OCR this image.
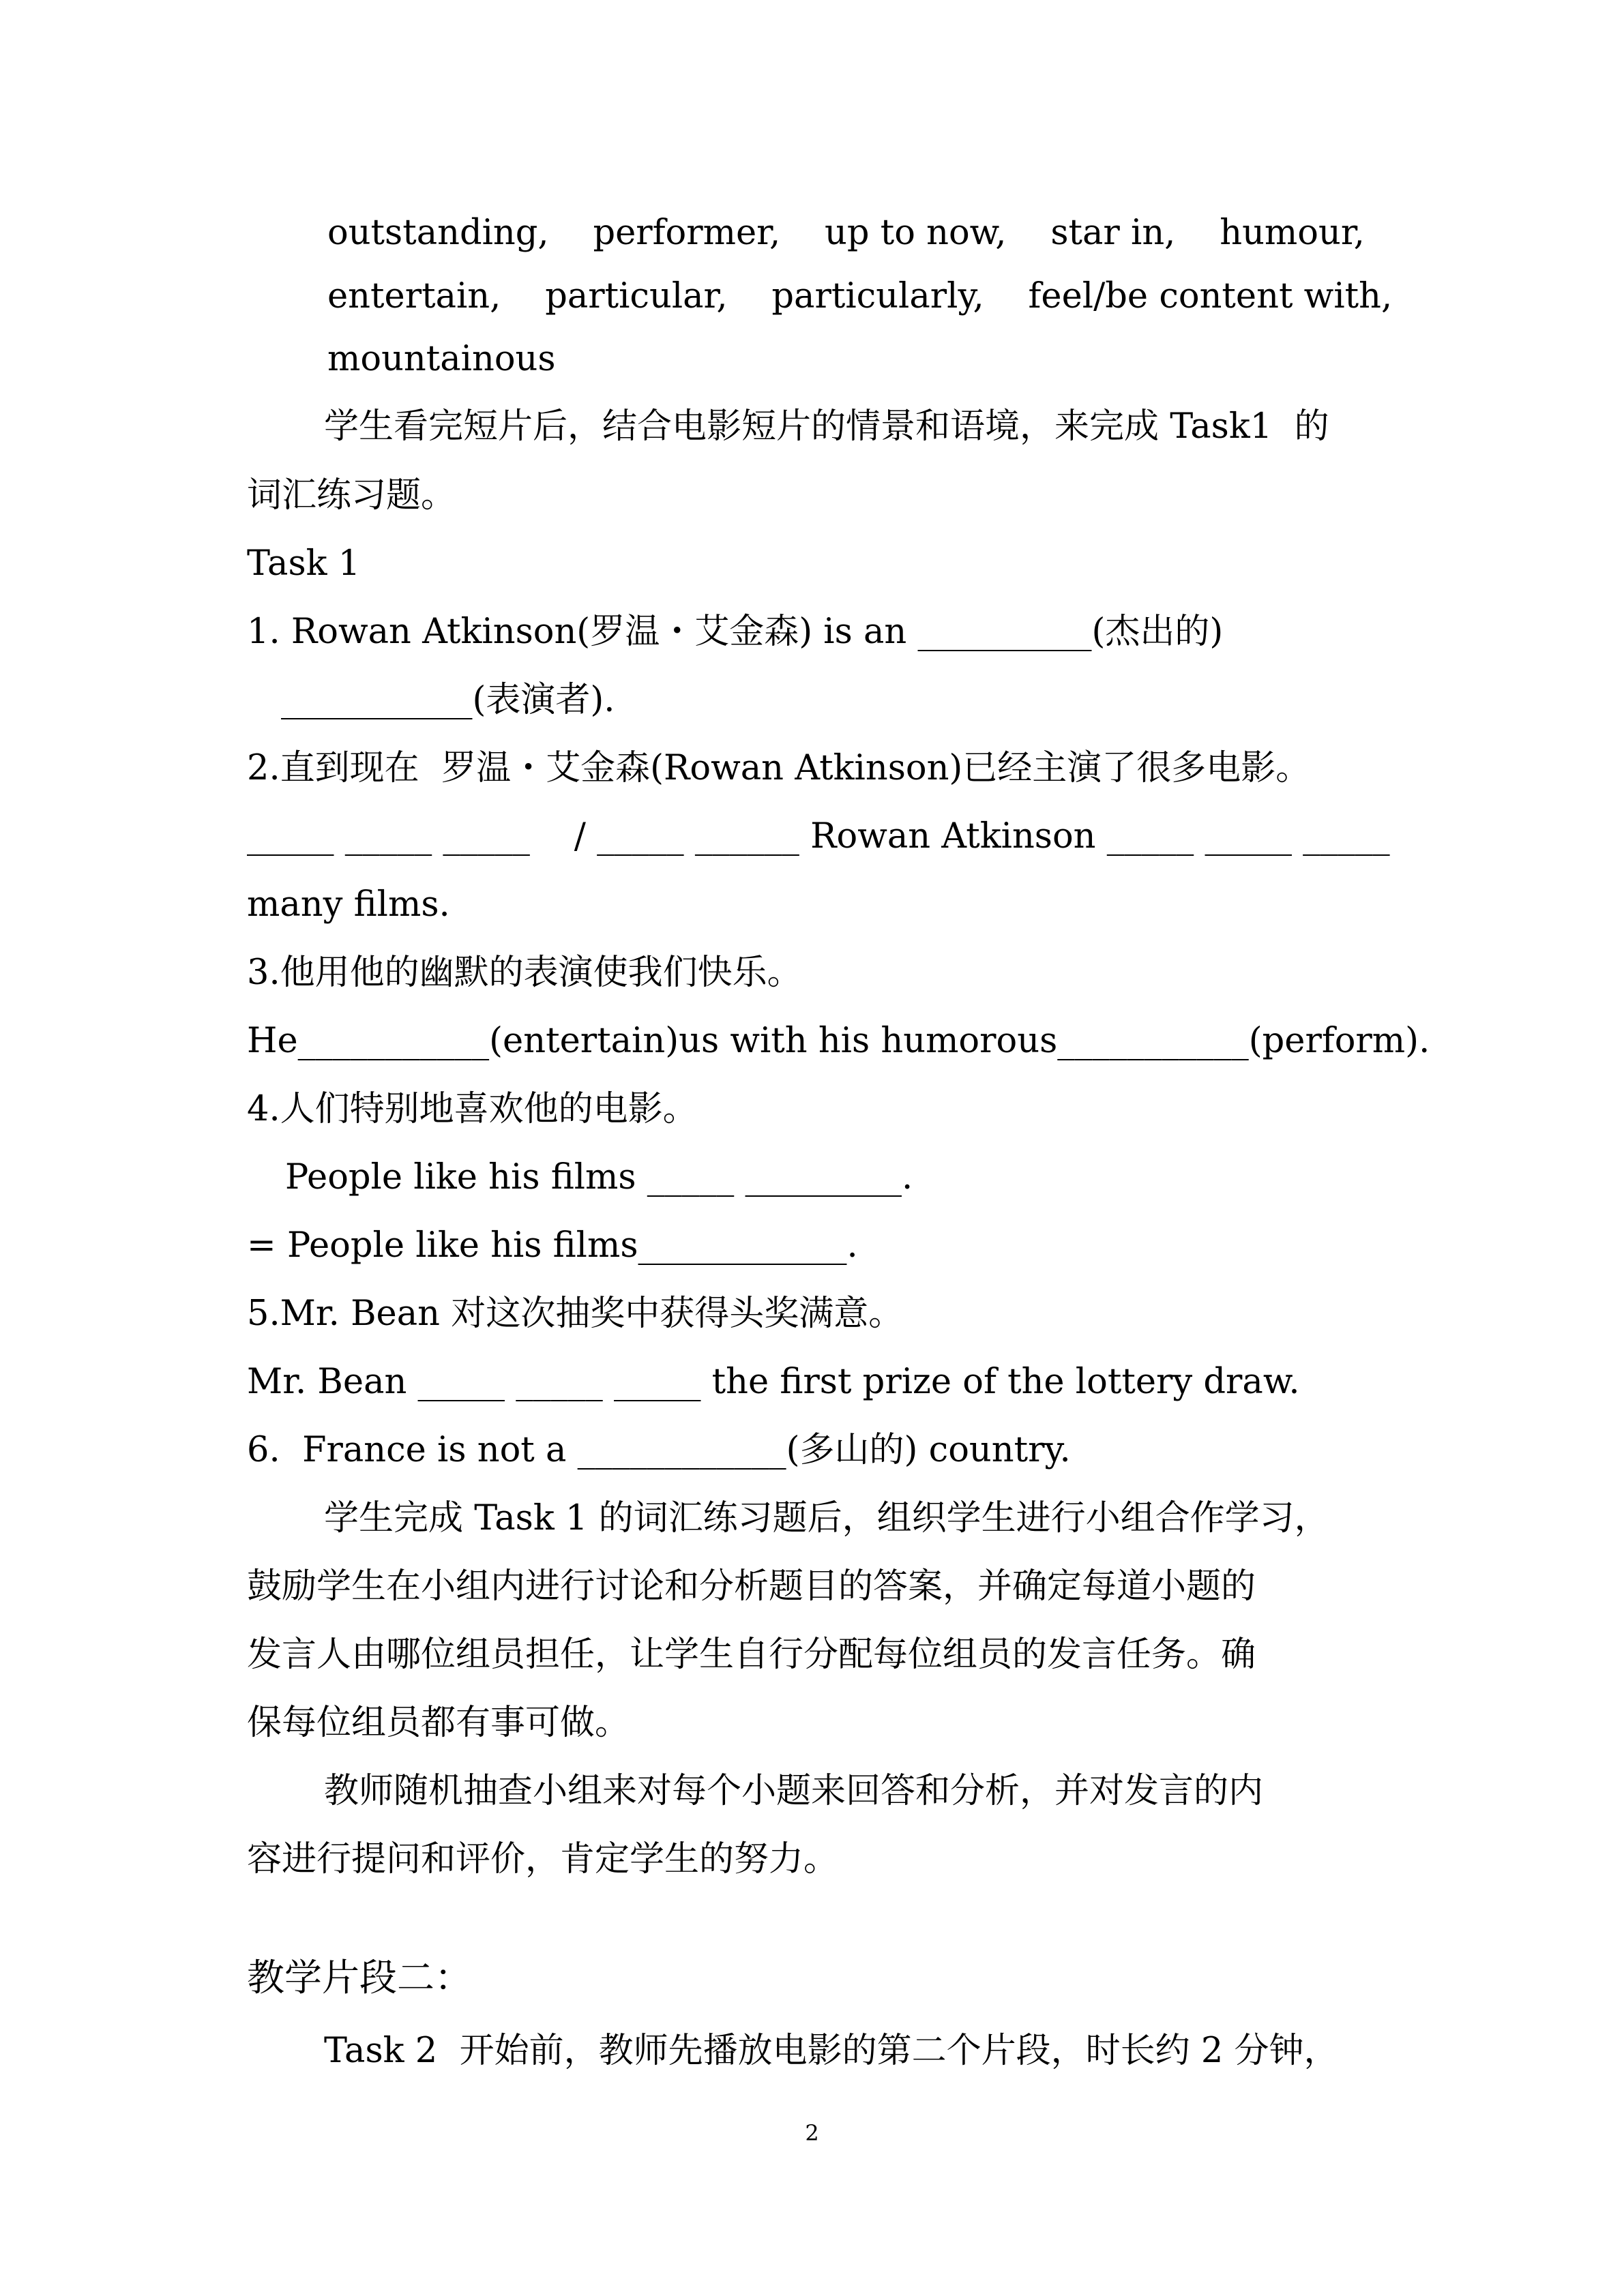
outstanding,    performer,    up to now,    star in,    humour,

entertain,    particular,    particularly,    feel/be content with,

mountainous

学生看完短片后，结合电影短片的情景和语境，来完成 Task1  的

词汇练习题。

Task 1

1. Rowan Atkinson(罗温・艾金森) is an __________(杰出的)

___________(表演者).

2.直到现在  罗温・艾金森(Rowan Atkinson)已经主演了很多电影。

_____ _____ _____    / _____ ______ Rowan Atkinson _____ _____ _____

many films.

3.他用他的幽默的表演使我们快乐。

He___________(entertain)us with his humorous___________(perform).

4.人们特别地喜欢他的电影。

People like his films _____ _________.

= People like his films____________.

5.Mr. Bean 对这次抽奖中获得头奖满意。

Mr. Bean _____ _____ _____ the first prize of the lottery draw.

6.  France is not a ____________(多山的) country.

学生完成 Task 1 的词汇练习题后，组织学生进行小组合作学习，

鼓励学生在小组内进行讨论和分析题目的答案，并确定每道小题的

发言人由哪位组员担任，让学生自行分配每位组员的发言任务。确

保每位组员都有事可做。

教师随机抽查小组来对每个小题来回答和分析，并对发言的内

容进行提问和评价，肯定学生的努力。

教学片段二：

Task 2  开始前，教师先播放电影的第二个片段，时长约 2 分钟，

2
